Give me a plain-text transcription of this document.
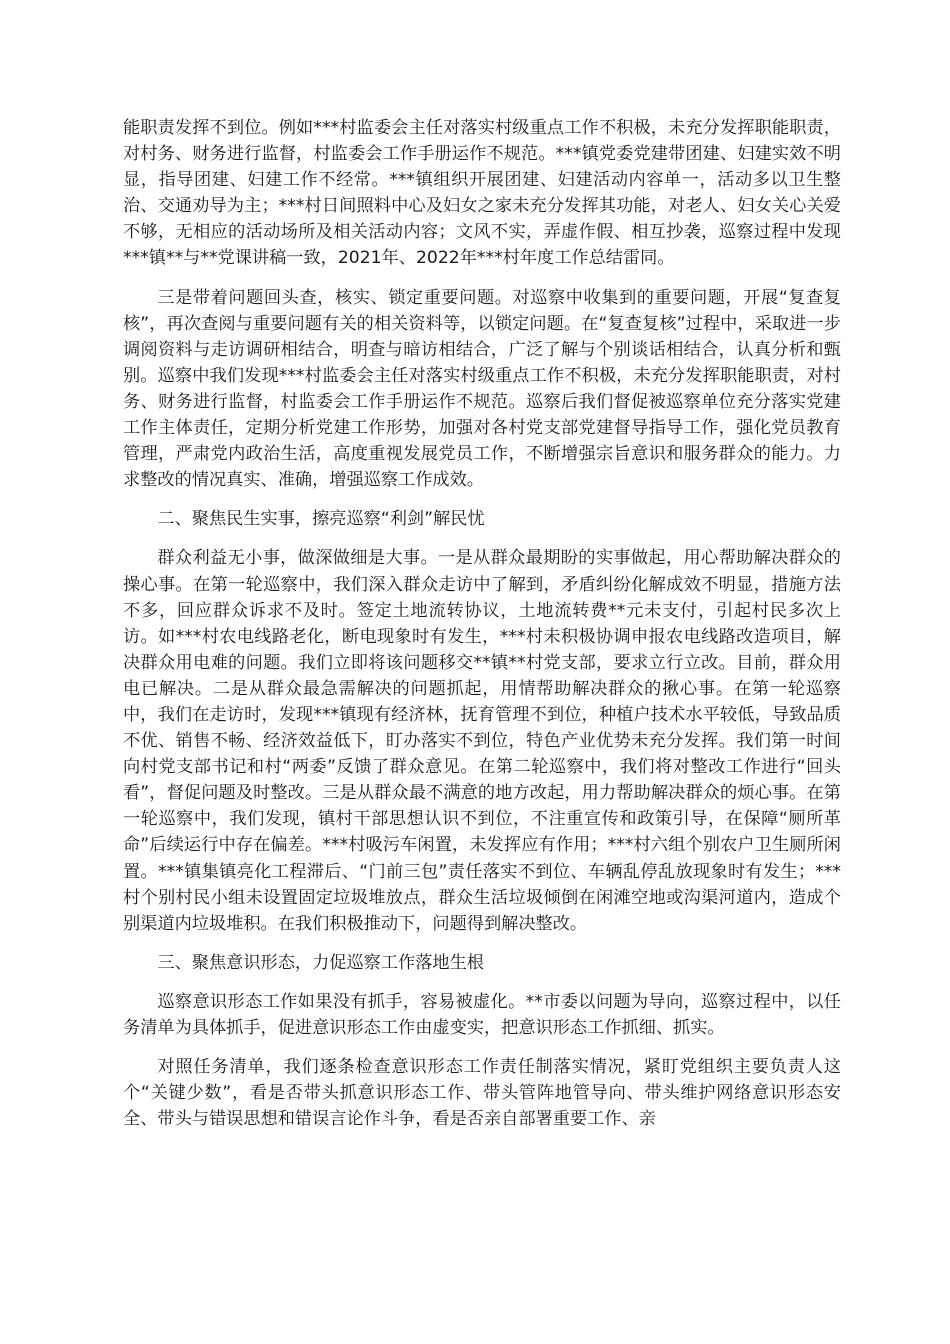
能职责发挥不到位。例如***村监委会主任对落实村级重点工作不积极，未充分发挥职能职责，对村务、财务进行监督，村监委会工作手册运作不规范。***镇党委党建带团建、妇建实效不明显，指导团建、妇建工作不经常。***镇组织开展团建、妇建活动内容单一，活动多以卫生整治、交通劝导为主；***村日间照料中心及妇女之家未充分发挥其功能，对老人、妇女关心关爱不够，无相应的活动场所及相关活动内容；文风不实，弄虚作假、相互抄袭，巡察过程中发现***镇**与**党课讲稿一致，2021年、2022年***村年度工作总结雷同。

三是带着问题回头查，核实、锁定重要问题。对巡察中收集到的重要问题，开展“复查复核”，再次查阅与重要问题有关的相关资料等，以锁定问题。在“复查复核”过程中，采取进一步调阅资料与走访调研相结合，明查与暗访相结合，广泛了解与个别谈话相结合，认真分析和甄别。巡察中我们发现***村监委会主任对落实村级重点工作不积极，未充分发挥职能职责，对村务、财务进行监督，村监委会工作手册运作不规范。巡察后我们督促被巡察单位充分落实党建工作主体责任，定期分析党建工作形势，加强对各村党支部党建督导指导工作，强化党员教育管理，严肃党内政治生活，高度重视发展党员工作，不断增强宗旨意识和服务群众的能力。力求整改的情况真实、准确，增强巡察工作成效。

二、聚焦民生实事，擦亮巡察“利剑”解民忧

群众利益无小事，做深做细是大事。一是从群众最期盼的实事做起，用心帮助解决群众的操心事。在第一轮巡察中，我们深入群众走访中了解到，矛盾纠纷化解成效不明显，措施方法不多，回应群众诉求不及时。签定土地流转协议，土地流转费**元未支付，引起村民多次上访。如***村农电线路老化，断电现象时有发生，***村未积极协调申报农电线路改造项目，解决群众用电难的问题。我们立即将该问题移交**镇**村党支部，要求立行立改。目前，群众用电已解决。二是从群众最急需解决的问题抓起，用情帮助解决群众的揪心事。在第一轮巡察中，我们在走访时，发现***镇现有经济林，抚育管理不到位，种植户技术水平较低，导致品质不优、销售不畅、经济效益低下，盯办落实不到位，特色产业优势未充分发挥。我们第一时间向村党支部书记和村“两委”反馈了群众意见。在第二轮巡察中，我们将对整改工作进行“回头看”，督促问题及时整改。三是从群众最不满意的地方改起，用力帮助解决群众的烦心事。在第一轮巡察中，我们发现，镇村干部思想认识不到位，不注重宣传和政策引导，在保障“厕所革命”后续运行中存在偏差。***村吸污车闲置，未发挥应有作用；***村六组个别农户卫生厕所闲置。***镇集镇亮化工程滞后、“门前三包”责任落实不到位、车辆乱停乱放现象时有发生；***村个别村民小组未设置固定垃圾堆放点，群众生活垃圾倾倒在闲滩空地或沟渠河道内，造成个别渠道内垃圾堆积。在我们积极推动下，问题得到解决整改。

三、聚焦意识形态，力促巡察工作落地生根

巡察意识形态工作如果没有抓手，容易被虚化。**市委以问题为导向，巡察过程中，以任务清单为具体抓手，促进意识形态工作由虚变实，把意识形态工作抓细、抓实。

对照任务清单，我们逐条检查意识形态工作责任制落实情况，紧盯党组织主要负责人这个“关键少数”，看是否带头抓意识形态工作、带头管阵地管导向、带头维护网络意识形态安全、带头与错误思想和错误言论作斗争，看是否亲自部署重要工作、亲
